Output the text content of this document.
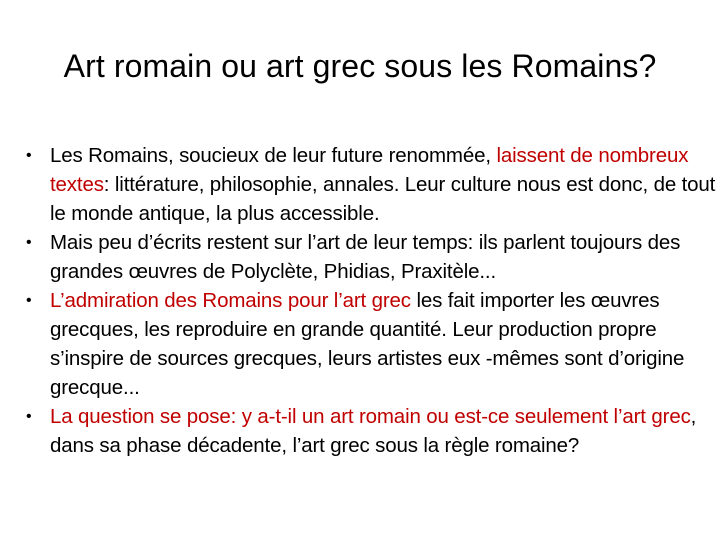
Art romain ou art grec sous les Romains?
• Les Romains, soucieux de leur future renommée, laissent de nombreux textes: littérature, philosophie, annales. Leur culture nous est donc, de tout le monde antique, la plus accessible.
• Mais peu d’écrits restent sur l’art de leur temps: ils parlent toujours des grandes œuvres de Polyclète, Phidias, Praxitèle...
• L’admiration des Romains pour l’art grec les fait importer les œuvres grecques, les reproduire en grande quantité. Leur production propre s’inspire de sources grecques, leurs artistes eux -mêmes sont d’origine grecque...
• La question se pose: y a-t-il un art romain ou est-ce seulement l’art grec, dans sa phase décadente, l’art grec sous la règle romaine?
